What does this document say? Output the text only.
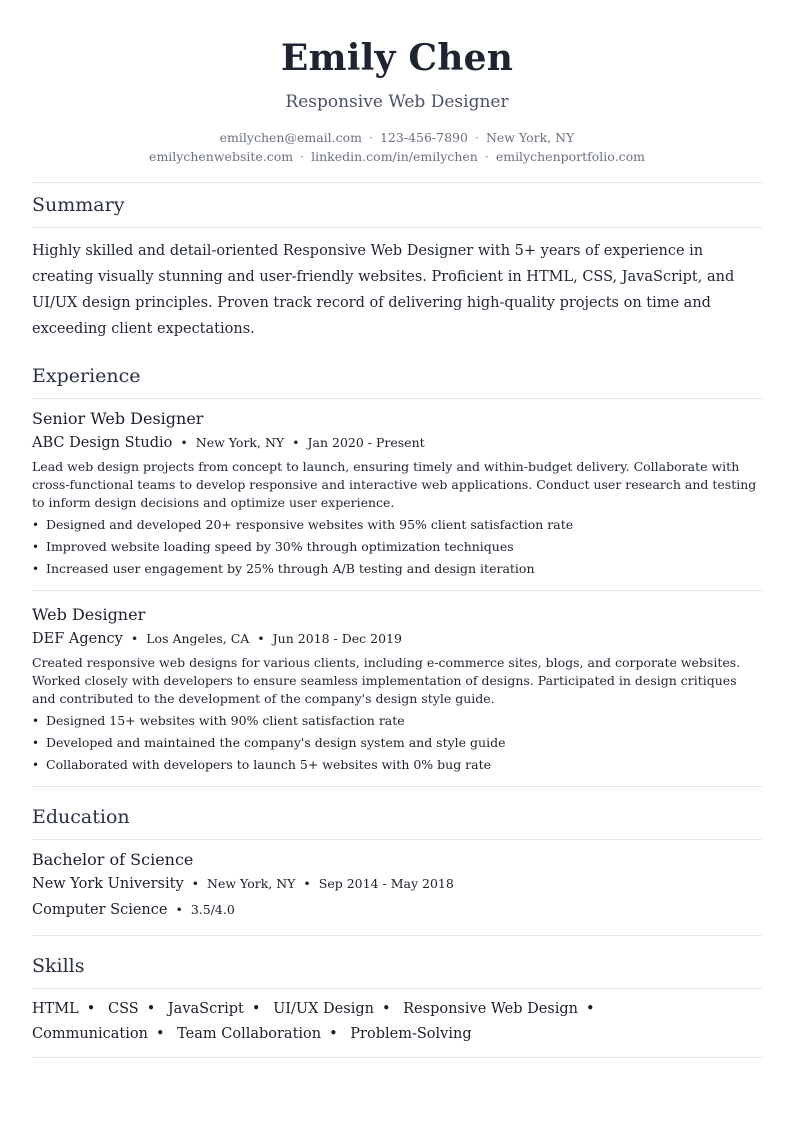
Emily Chen
Responsive Web Designer
emilychen@email.com · 123-456-7890 · New York, NY
emilychenwebsite.com · linkedin.com/in/emilychen · emilychenportfolio.com
Summary

Highly skilled and detail-oriented Responsive Web Designer with 5+ years of experience in creating visually stunning and user-friendly websites. Proficient in HTML, CSS, JavaScript, and UI/UX design principles. Proven track record of delivering high-quality projects on time and exceeding client expectations.

Experience
Senior Web Designer
ABC Design Studio • New York, NY • Jan 2020 - Present

Lead web design projects from concept to launch, ensuring timely and within-budget delivery. Collaborate with cross-functional teams to develop responsive and interactive web applications. Conduct user research and testing to inform design decisions and optimize user experience.

• Designed and developed 20+ responsive websites with 95% client satisfaction rate
• Improved website loading speed by 30% through optimization techniques
• Increased user engagement by 25% through A/B testing and design iteration
Web Designer
DEF Agency • Los Angeles, CA • Jun 2018 - Dec 2019

Created responsive web designs for various clients, including e-commerce sites, blogs, and corporate websites. Worked closely with developers to ensure seamless implementation of designs. Participated in design critiques and contributed to the development of the company's design style guide.

• Designed 15+ websites with 90% client satisfaction rate
• Developed and maintained the company's design system and style guide
• Collaborated with developers to launch 5+ websites with 0% bug rate
Education
Bachelor of Science
New York University • New York, NY • Sep 2014 - May 2018
Computer Science • 3.5/4.0
Skills
HTML • CSS • JavaScript • UI/UX Design • Responsive Web Design • Communication • Team Collaboration • Problem-Solving
